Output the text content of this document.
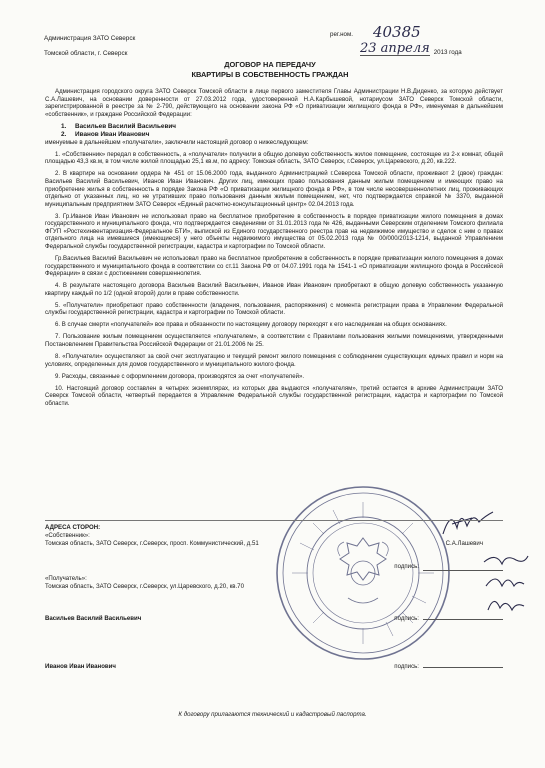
Администрация ЗАТО Северск
Томской области, г. Северск
рег.ном. 40385
23 апреля 2013 года
ДОГОВОР НА ПЕРЕДАЧУ
КВАРТИРЫ В СОБСТВЕННОСТЬ ГРАЖДАН

Администрация городского округа ЗАТО Северск Томской области в лице первого заместителя Главы Администрации Н.В.Диденко, за которую действует С.А.Лашевич, на основании доверенности от 27.03.2012 года, удостоверенной Н.А.Карбышевой, нотариусом ЗАТО Северск Томской области, зарегистрированной в реестре за № 2-790, действующего на основании закона РФ «О приватизации жилищного фонда в РФ», именуемая в дальнейшем «собственник», и граждане Российской Федерации:

1.	Васильев Василий Васильевич
2.	Иванов Иван Иванович

именуемые в дальнейшем «получатели», заключили настоящий договор о нижеследующем:

1. «Собственник» передал в собственность, а «получатели» получили в общую долевую собственность жилое помещение, состоящее из 2-х комнат, общей площадью 43,3 кв.м, в том числе жилой площадью 25,1 кв.м, по адресу: Томская область, ЗАТО Северск, г.Северск, ул.Царевского, д.20, кв.222.

2. В квартире на основании ордера № 451 от 15.06.2000 года, выданного Администрацией г.Северска Томской области, проживают 2 (двое) граждан: Васильев Василий Васильевич, Иванов Иван Иванович. Других лиц, имеющих право пользования данным жилым помещением и имеющих право на приобретение жилья в собственность в порядке Закона РФ «О приватизации жилищного фонда в РФ», в том числе несовершеннолетних лиц, проживающих отдельно от указанных лиц, но не утративших право пользования данным жилым помещением, нет, что подтверждается справкой № 3370, выданной муниципальным предприятием ЗАТО Северск «Единый расчетно-консультационный центр» 02.04.2013 года.

3. Гр.Иванов Иван Иванович не использовал право на бесплатное приобретение в собственность в порядке приватизации жилого помещения в домах государственного и муниципального фонда, что подтверждается сведениями от 31.01.2013 года № 426, выданными Северским отделением Томского филиала ФГУП «Ростехинвентаризация-Федеральное БТИ», выпиской из Единого государственного реестра прав на недвижимое имущество и сделок с ним о правах отдельного лица на имевшиеся (имеющиеся) у него объекты недвижимого имущества от 05.02.2013 года № 00/000/2013-1214, выданной Управлением Федеральной службы государственной регистрации, кадастра и картографии по Томской области.

Гр.Васильев Василий Васильевич не использовал право на бесплатное приобретение в собственность в порядке приватизации жилого помещения в домах государственного и муниципального фонда в соответствии со ст.11 Закона РФ от 04.07.1991 года № 1541-1 «О приватизации жилищного фонда в Российской Федерации» в связи с достижением совершеннолетия.

4. В результате настоящего договора Васильев Василий Васильевич, Иванов Иван Иванович приобретают в общую долевую собственность указанную квартиру каждый по 1/2 (одной второй) доли в праве собственности.

5. «Получатели» приобретают право собственности (владения, пользования, распоряжения) с момента регистрации права в Управлении Федеральной службы государственной регистрации, кадастра и картографии по Томской области.

6. В случае смерти «получателей» все права и обязанности по настоящему договору переходят к его наследникам на общих основаниях.

7. Пользование жилым помещением осуществляется «получателем», в соответствии с Правилами пользования жилыми помещениями, утвержденными Постановлением Правительства Российской Федерации от 21.01.2006 № 25.

8. «Получатели» осуществляют за свой счет эксплуатацию и текущий ремонт жилого помещения с соблюдением существующих единых правил и норм на условиях, определенных для домов государственного и муниципального жилого фонда.

9. Расходы, связанные с оформлением договора, производятся за счет «получателей».

10. Настоящий договор составлен в четырех экземплярах, из которых два выдаются «получателям», третий остается в архиве Администрации ЗАТО Северск Томской области, четвертый передается в Управление Федеральной службы государственной регистрации, кадастра и картографии по Томской области.

АДРЕСА СТОРОН:
«Собственник»:
Томская область, ЗАТО Северск, г.Северск, просп. Коммунистический, д.51	С.А.Лашевич
подпись:
«Получатель»:
Томская область, ЗАТО Северск, г.Северск, ул.Царевского, д.20, кв.70
Васильев Василий Васильевич	подпись:
Иванов Иван Иванович	подпись:
К договору прилагаются технический и кадастровый паспорта.
